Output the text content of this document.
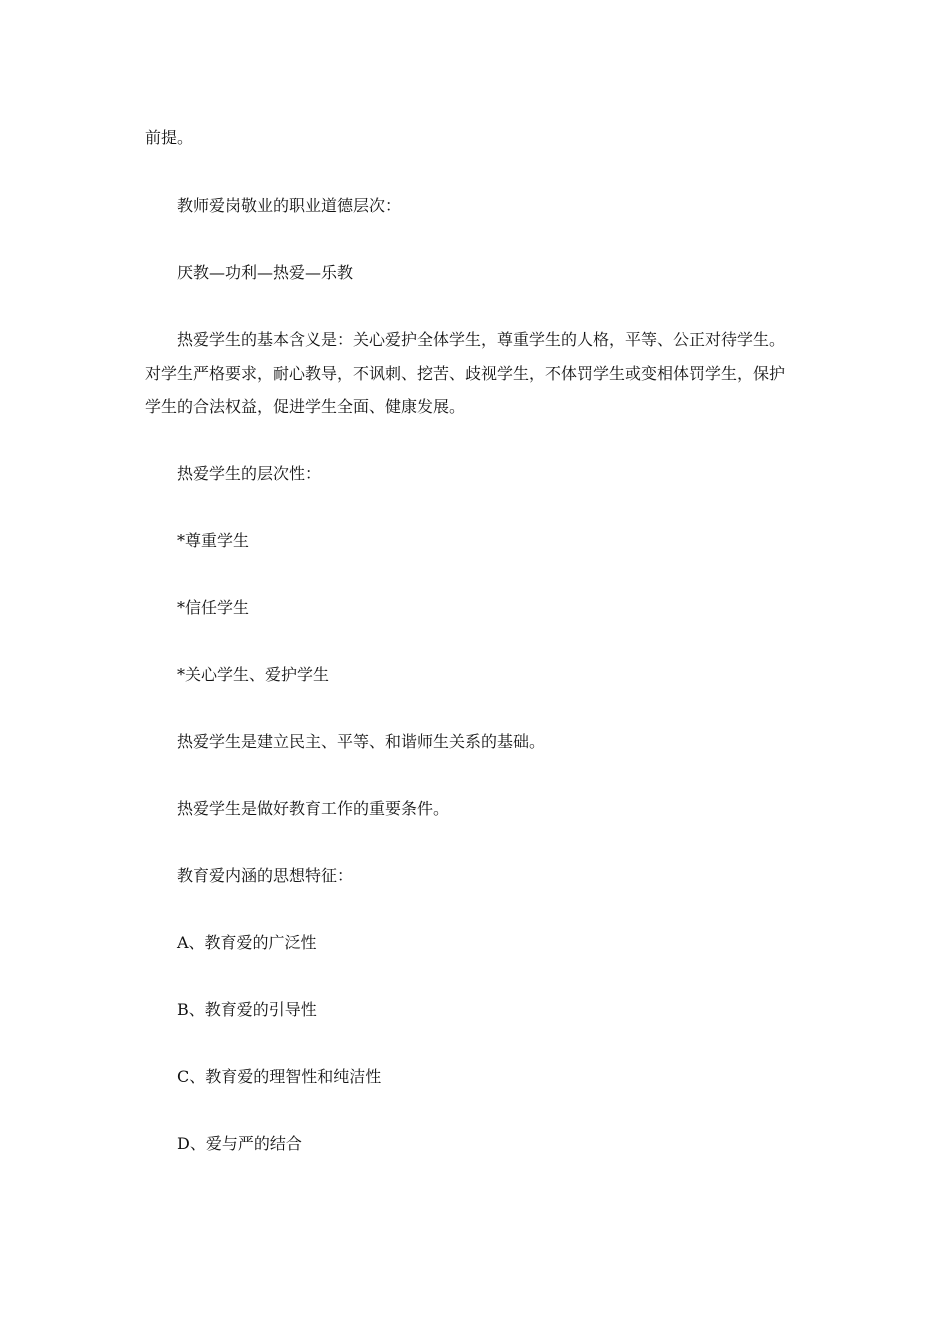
前提。
教师爱岗敬业的职业道德层次：
厌教—功利—热爱—乐教
热爱学生的基本含义是：关心爱护全体学生，尊重学生的人格，平等、公正对待学生。
对学生严格要求，耐心教导，不讽刺、挖苦、歧视学生，不体罚学生或变相体罚学生，保护
学生的合法权益，促进学生全面、健康发展。
热爱学生的层次性：
*尊重学生
*信任学生
*关心学生、爱护学生
热爱学生是建立民主、平等、和谐师生关系的基础。
热爱学生是做好教育工作的重要条件。
教育爱内涵的思想特征：
A、教育爱的广泛性
B、教育爱的引导性
C、教育爱的理智性和纯洁性
D、爱与严的结合
